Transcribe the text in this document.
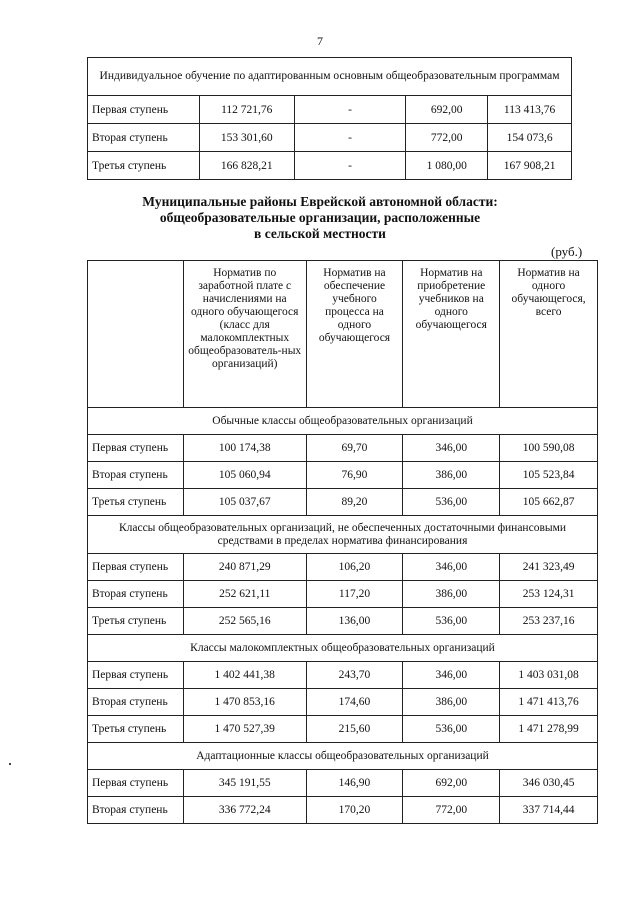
7
Индивидуальное обучение по адаптированным основным общеобразовательным программам				
Первая ступень	112 721,76	-	692,00	113 413,76
Вторая ступень	153 301,60	-	772,00	154 073,6
Третья ступень	166 828,21	-	1 080,00	167 908,21
Муниципальные районы Еврейской автономной области:
общеобразовательные организации, расположенные
в сельской местности
(руб.)
	Норматив по заработной плате с начислениями на одного обучающегося (класс для малокомплектных общеобразователь-ных организаций)	Норматив на обеспечение учебного процесса на одного обучающегося	Норматив на приобретение учебников на одного обучающегося	Норматив на одного обучающегося, всего
Обычные классы общеобразовательных организаций				
Первая ступень	100 174,38	69,70	346,00	100 590,08
Вторая ступень	105 060,94	76,90	386,00	105 523,84
Третья ступень	105 037,67	89,20	536,00	105 662,87
Классы общеобразовательных организаций, не обеспеченных достаточными финансовыми средствами в пределах норматива финансирования				
Первая ступень	240 871,29	106,20	346,00	241 323,49
Вторая ступень	252 621,11	117,20	386,00	253 124,31
Третья ступень	252 565,16	136,00	536,00	253 237,16
Классы малокомплектных общеобразовательных организаций				
Первая ступень	1 402 441,38	243,70	346,00	1 403 031,08
Вторая ступень	1 470 853,16	174,60	386,00	1 471 413,76
Третья ступень	1 470 527,39	215,60	536,00	1 471 278,99
Адаптационные классы общеобразовательных организаций				
Первая ступень	345 191,55	146,90	692,00	346 030,45
Вторая ступень	336 772,24	170,20	772,00	337 714,44
